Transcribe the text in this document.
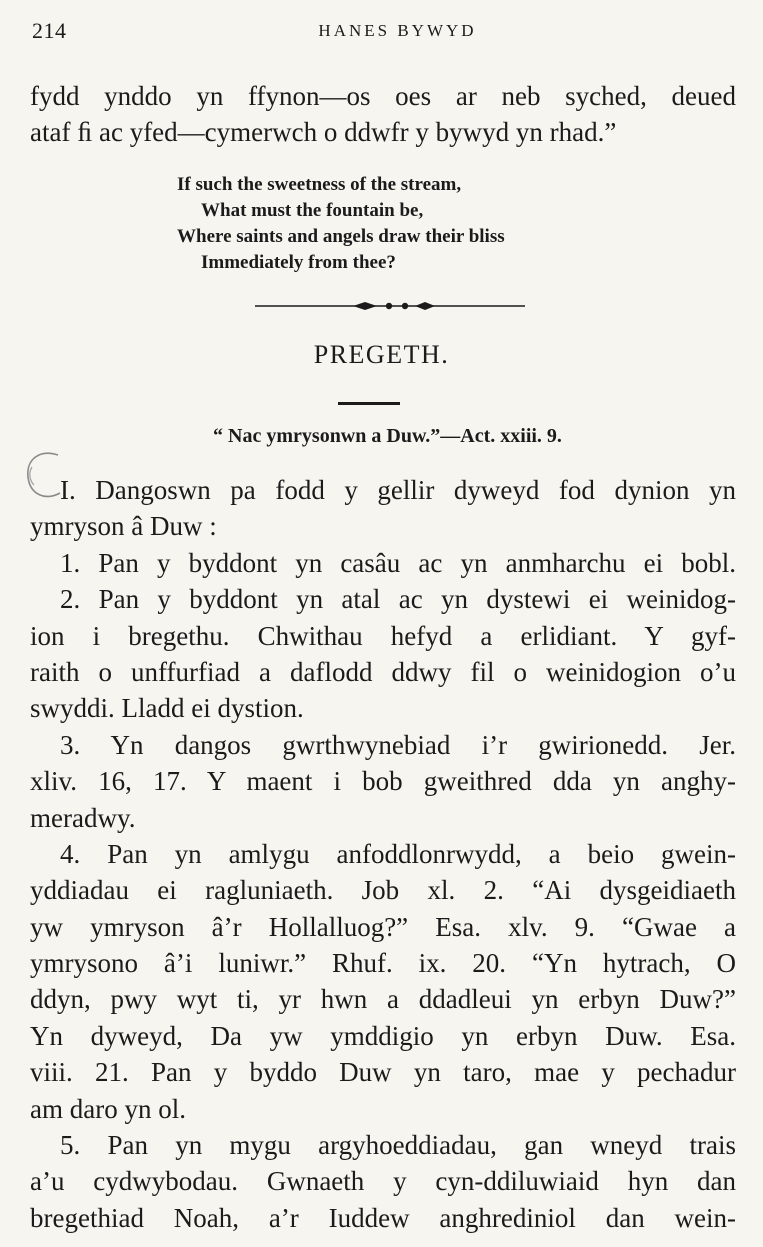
214	HANES BYWYD
fydd ynddo yn ffynon—os oes ar neb syched, deued
ataf ﬁ ac yfed—cymerwch o ddwfr y bywyd yn rhad.”
If such the sweetness of the stream,
What must the fountain be,
Where saints and angels draw their bliss
Immediately from thee?
PREGETH.
“ Nac ymrysonwn a Duw.”—Act. xxiii. 9.
I. Dangoswn pa fodd y gellir dyweyd fod dynion yn
ymryson â Duw :
1. Pan y byddont yn casâu ac yn anmharchu ei bobl.
2. Pan y byddont yn atal ac yn dystewi ei weinidog-
ion i bregethu. Chwithau hefyd a erlidiant. Y gyf-
raith o unffurfiad a daflodd ddwy fil o weinidogion o’u
swyddi. Lladd ei dystion.
3. Yn dangos gwrthwynebiad i’r gwirionedd. Jer.
xliv. 16, 17. Y maent i bob gweithred dda yn anghy-
meradwy.
4. Pan yn amlygu anfoddlonrwydd, a beio gwein-
yddiadau ei ragluniaeth. Job xl. 2. “Ai dysgeidiaeth
yw ymryson â’r Hollalluog?” Esa. xlv. 9. “Gwae a
ymrysono â’i luniwr.” Rhuf. ix. 20. “Yn hytrach, O
ddyn, pwy wyt ti, yr hwn a ddadleui yn erbyn Duw?”
Yn dyweyd, Da yw ymddigio yn erbyn Duw. Esa.
viii. 21. Pan y byddo Duw yn taro, mae y pechadur
am daro yn ol.
5. Pan yn mygu argyhoeddiadau, gan wneyd trais
a’u cydwybodau. Gwnaeth y cyn-ddiluwiaid hyn dan
bregethiad Noah, a’r Iuddew anghrediniol dan wein-
